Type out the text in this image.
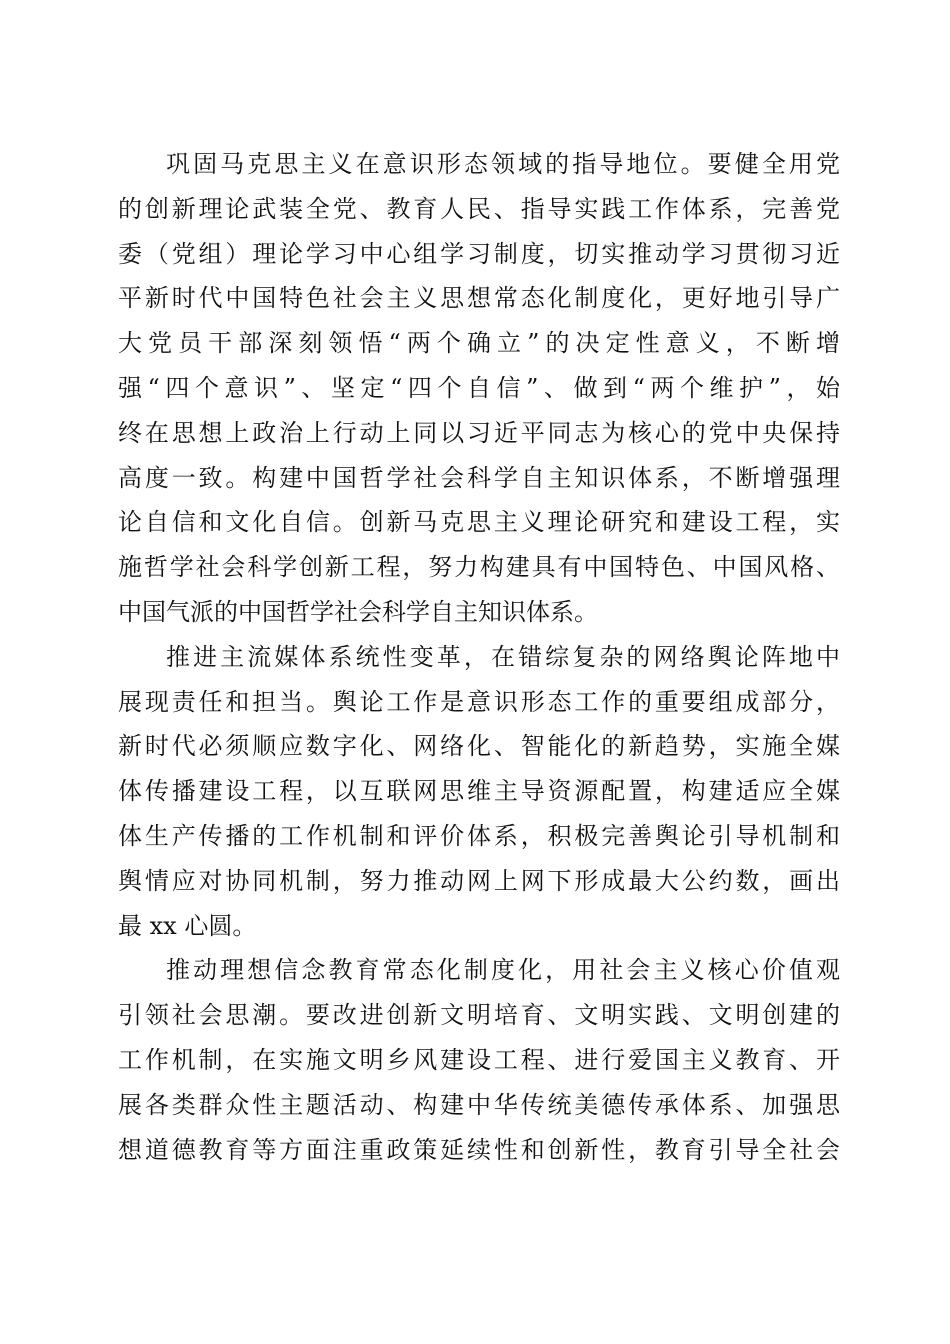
巩固马克思主义在意识形态领域的指导地位。要健全用党
的创新理论武装全党、教育人民、指导实践工作体系，完善党
委（党组）理论学习中心组学习制度，切实推动学习贯彻习近
平新时代中国特色社会主义思想常态化制度化，更好地引导广
大党员干部深刻领悟“两个确立”的决定性意义，不断增
强“四个意识”、坚定“四个自信”、做到“两个维护”，始
终在思想上政治上行动上同以习近平同志为核心的党中央保持
高度一致。构建中国哲学社会科学自主知识体系，不断增强理
论自信和文化自信。创新马克思主义理论研究和建设工程，实
施哲学社会科学创新工程，努力构建具有中国特色、中国风格、
中国气派的中国哲学社会科学自主知识体系。
推进主流媒体系统性变革，在错综复杂的网络舆论阵地中
展现责任和担当。舆论工作是意识形态工作的重要组成部分，
新时代必须顺应数字化、网络化、智能化的新趋势，实施全媒
体传播建设工程，以互联网思维主导资源配置，构建适应全媒
体生产传播的工作机制和评价体系，积极完善舆论引导机制和
舆情应对协同机制，努力推动网上网下形成最大公约数，画出
最 xx 心圆。
推动理想信念教育常态化制度化，用社会主义核心价值观
引领社会思潮。要改进创新文明培育、文明实践、文明创建的
工作机制，在实施文明乡风建设工程、进行爱国主义教育、开
展各类群众性主题活动、构建中华传统美德传承体系、加强思
想道德教育等方面注重政策延续性和创新性，教育引导全社会
